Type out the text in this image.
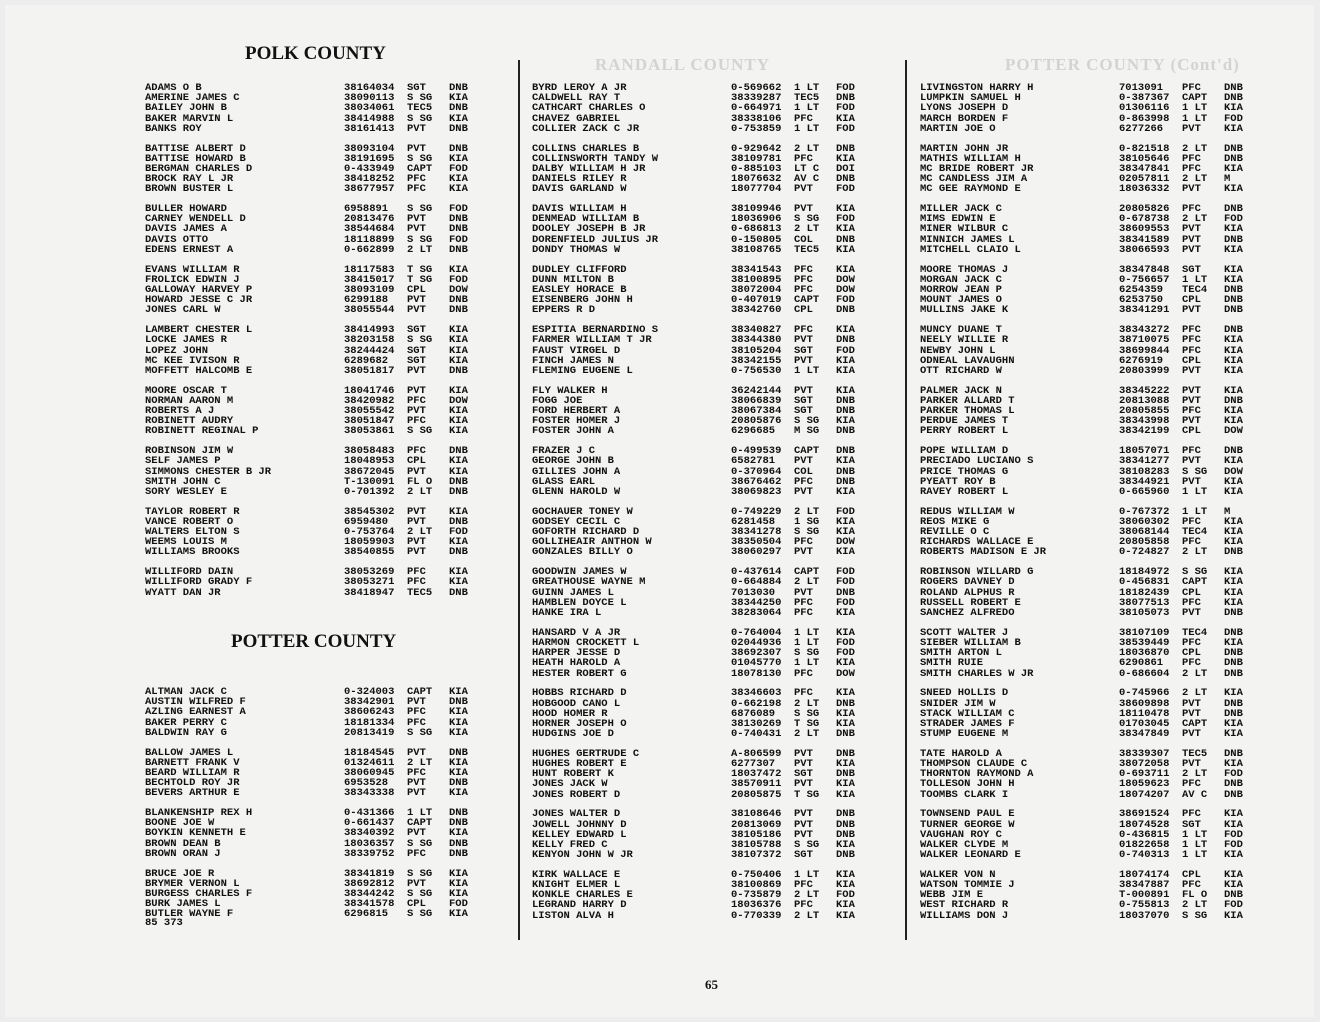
RANDALL COUNTY	POTTER COUNTY (Cont'd)
POLK COUNTY
POTTER COUNTY
ADAMS O B	38164034 SGT DNB
AMERINE JAMES C	38090113 S SG KIA
BAILEY JOHN B	38034061 TEC5 DNB
BAKER MARVIN L	38414988 S SG KIA
BANKS ROY	38161413 PVT DNB
BATTISE ALBERT D	38093104 PVT DNB
BATTISE HOWARD B	38191695 S SG KIA
BERGMAN CHARLES D	0-433949 CAPT FOD
BROCK RAY L JR	38418252 PFC KIA
BROWN BUSTER L	38677957 PFC KIA
BULLER HOWARD	6958891 S SG FOD
CARNEY WENDELL D	20813476 PVT DNB
DAVIS JAMES A	38544684 PVT DNB
DAVIS OTTO	18118899 S SG FOD
EDENS ERNEST A	0-662899 2 LT DNB
EVANS WILLIAM R	18117583 T SG KIA
FROLICK EDWIN J	38415017 T SG FOD
GALLOWAY HARVEY P	38093109 CPL DOW
HOWARD JESSE C JR	6299188 PVT DNB
JONES CARL W	38055544 PVT DNB
LAMBERT CHESTER L	38414993 SGT KIA
LOCKE JAMES R	38203158 S SG KIA
LOPEZ JOHN	38244424 SGT KIA
MC KEE IVISON R	6289682 SGT KIA
MOFFETT HALCOMB E	38051817 PVT DNB
MOORE OSCAR T	18041746 PVT KIA
NORMAN AARON M	38420982 PFC DOW
ROBERTS A J	38055542 PVT KIA
ROBINETT AUDRY	38051847 PFC KIA
ROBINETT REGINAL P	38053861 S SG KIA
ROBINSON JIM W	38058483 PFC DNB
SELF JAMES P	18048953 CPL KIA
SIMMONS CHESTER B JR	38672045 PVT KIA
SMITH JOHN C	T-130091 FL O DNB
SORY WESLEY E	0-701392 2 LT DNB
TAYLOR ROBERT R	38545302 PVT KIA
VANCE ROBERT O	6959480 PVT DNB
WALTERS ELTON S	0-753764 2 LT FOD
WEEMS LOUIS M	18059903 PVT KIA
WILLIAMS BROOKS	38540855 PVT DNB
WILLIFORD DAIN	38053269 PFC KIA
WILLIFORD GRADY F	38053271 PFC KIA
WYATT DAN JR	38418947 TEC5 DNB
ALTMAN JACK C	0-324003 CAPT KIA
AUSTIN WILFRED F	38342901 PVT DNB
AZLING EARNEST A	38606243 PFC KIA
BAKER PERRY C	18181334 PFC KIA
BALDWIN RAY G	20813419 S SG KIA
BALLOW JAMES L	18184545 PVT DNB
BARNETT FRANK V	01324611 2 LT KIA
BEARD WILLIAM R	38060945 PFC KIA
BECHTOLD ROY JR	6953528 PVT DNB
BEVERS ARTHUR E	38343338 PVT KIA
BLANKENSHIP REX H	0-431366 1 LT DNB
BOONE JOE W	0-661437 CAPT DNB
BOYKIN KENNETH E	38340392 PVT KIA
BROWN DEAN B	18036357 S SG DNB
BROWN ORAN J	38339752 PFC DNB
BRUCE JOE R	38341819 S SG KIA
BRYMER VERNON L	38692812 PVT KIA
BURGESS CHARLES F	38344242 S SG KIA
BURK JAMES L	38341578 CPL FOD
BUTLER WAYNE F	6296815 S SG KIA
BYRD LEROY A JR	0-569662 1 LT FOD
CALDWELL RAY T	38339287 TEC5 DNB
CATHCART CHARLES O	0-664971 1 LT FOD
CHAVEZ GABRIEL	38338106 PFC KIA
COLLIER ZACK C JR	0-753859 1 LT FOD
COLLINS CHARLES B	0-929642 2 LT DNB
COLLINSWORTH TANDY W	38109781 PFC KIA
DALBY WILLIAM H JR	0-885103 LT C DOI
DANIELS RILEY R	18076632 AV C DNB
DAVIS GARLAND W	18077704 PVT FOD
DAVIS WILLIAM H	38109946 PVT KIA
DENMEAD WILLIAM B	18036906 S SG FOD
DOOLEY JOSEPH B JR	0-686813 2 LT KIA
DORENFIELD JULIUS JR	0-150805 COL DNB
DONDY THOMAS W	38108765 TEC5 KIA
DUDLEY CLIFFORD	38341543 PFC KIA
DUNN MILTON B	38100895 PFC DOW
EASLEY HORACE B	38072004 PFC DOW
EISENBERG JOHN H	0-407019 CAPT FOD
EPPERS R D	38342760 CPL DNB
ESPITIA BERNARDINO S	38340827 PFC KIA
FARMER WILLIAM T JR	38344380 PVT DNB
FAUST VIRGEL D	38105204 SGT FOD
FINCH JAMES N	38342155 PVT KIA
FLEMING EUGENE L	0-756530 1 LT KIA
FLY WALKER H	36242144 PVT KIA
FOGG JOE	38066839 SGT DNB
FORD HERBERT A	38067384 SGT DNB
FOSTER HOMER J	20805876 S SG KIA
FOSTER JOHN A	6296685 M SG DNB
FRAZER J C	0-499539 CAPT DNB
GEORGE JOHN B	6582781 PVT KIA
GILLIES JOHN A	0-370964 COL DNB
GLASS EARL	38676462 PFC DNB
GLENN HAROLD W	38069823 PVT KIA
GOCHAUER TONEY W	0-749229 2 LT FOD
GODSEY CECIL C	6281458 1 SG KIA
GOFORTH RICHARD D	38341278 S SG KIA
GOLLIHEAIR ANTHON W	38350504 PFC DOW
GONZALES BILLY O	38060297 PVT KIA
GOODWIN JAMES W	0-437614 CAPT FOD
GREATHOUSE WAYNE M	0-664884 2 LT FOD
GUINN JAMES L	7013030 PVT DNB
HAMBLEN DOYCE L	38344250 PFC FOD
HANKE IRA L	38283064 PFC KIA
HANSARD V A JR	0-764004 1 LT KIA
HARMON CROCKETT L	02044936 1 LT FOD
HARPER JESSE D	38692307 S SG FOD
HEATH HAROLD A	01045770 1 LT KIA
HESTER ROBERT G	18078130 PFC DOW
HOBBS RICHARD D	38346603 PFC KIA
HOBGOOD CANO L	0-662198 2 LT DNB
HOOD HOMER R	6876089 S SG KIA
HORNER JOSEPH O	38130269 T SG KIA
HUDGINS JOE D	0-740431 2 LT DNB
HUGHES GERTRUDE C	A-806599 PVT DNB
HUGHES ROBERT E	6277307 PVT KIA
HUNT ROBERT K	18037472 SGT DNB
JONES JACK W	38570911 PVT KIA
JONES ROBERT D	20805875 T SG KIA
JONES WALTER D	38108646 PVT DNB
JOWELL JOHNNY D	20813069 PVT DNB
KELLEY EDWARD L	38105186 PVT DNB
KELLY FRED C	38105788 S SG KIA
KENYON JOHN W JR	38107372 SGT DNB
KIRK WALLACE E	0-750406 1 LT KIA
KNIGHT ELMER L	38100869 PFC KIA
KONKLE CHARLES E	0-735879 2 LT FOD
LEGRAND HARRY D	18036376 PFC KIA
LISTON ALVA H	0-770339 2 LT KIA
LIVINGSTON HARRY H	7013091 PFC DNB
LUMPKIN SAMUEL H	0-387367 CAPT DNB
LYONS JOSEPH D	01306116 1 LT KIA
MARCH BORDEN F	0-863998 1 LT FOD
MARTIN JOE O	6277266 PVT KIA
MARTIN JOHN JR	0-821518 2 LT DNB
MATHIS WILLIAM H	38105646 PFC DNB
MC BRIDE ROBERT JR	38347841 PFC KIA
MC CANDLESS JIM A	02057811 2 LT M
MC GEE RAYMOND E	18036332 PVT KIA
MILLER JACK C	20805826 PFC DNB
MIMS EDWIN E	0-678738 2 LT FOD
MINER WILBUR C	38609553 PVT KIA
MINNICH JAMES L	38341589 PVT DNB
MITCHELL CLAIO L	38066593 PVT KIA
MOORE THOMAS J	38347848 SGT KIA
MORGAN JACK C	0-756657 1 LT KIA
MORROW JEAN P	6254359 TEC4 DNB
MOUNT JAMES O	6253750 CPL DNB
MULLINS JAKE K	38341291 PVT DNB
MUNCY DUANE T	38343272 PFC DNB
NEELY WILLIE R	38710075 PFC KIA
NEWBY JOHN L	38699844 PFC KIA
ODNEAL LAVAUGHN	6276919 CPL KIA
OTT RICHARD W	20803999 PVT KIA
PALMER JACK N	38345222 PVT KIA
PARKER ALLARD T	20813088 PVT DNB
PARKER THOMAS L	20805855 PFC KIA
PERDUE JAMES T	38343998 PVT KIA
PERRY ROBERT L	38342199 CPL DOW
POPE WILLIAM D	18057071 PFC DNB
PRECIADO LUCIANO S	38341277 PVT KIA
PRICE THOMAS G	38108283 S SG DOW
PYEATT ROY B	38344921 PVT KIA
RAVEY ROBERT L	0-665960 1 LT KIA
REDUS WILLIAM W	0-767372 1 LT M
REOS MIKE G	38060302 PFC KIA
REVILLE O C	38068144 TEC4 KIA
RICHARDS WALLACE E	20805858 PFC KIA
ROBERTS MADISON E JR	0-724827 2 LT DNB
ROBINSON WILLARD G	18184972 S SG KIA
ROGERS DAVNEY D	0-456831 CAPT KIA
ROLAND ALPHUS R	18182439 CPL KIA
RUSSELL ROBERT E	38077513 PFC KIA
SANCHEZ ALFREDO	38105073 PVT DNB
SCOTT WALTER J	38107109 TEC4 DNB
SIEBER WILLIAM B	38539449 PFC KIA
SMITH ARTON L	18036870 CPL DNB
SMITH RUIE	6290861 PFC DNB
SMITH CHARLES W JR	0-686604 2 LT DNB
SNEED HOLLIS D	0-745966 2 LT KIA
SNIDER JIM W	38609898 PVT DNB
STACK WILLIAM C	18110478 PVT DNB
STRADER JAMES F	01703045 CAPT KIA
STUMP EUGENE M	38347849 PVT KIA
TATE HAROLD A	38339307 TEC5 DNB
THOMPSON CLAUDE C	38072058 PVT KIA
THORNTON RAYMOND A	0-693711 2 LT FOD
TOLLESON JOHN H	18059623 PFC DNB
TOOMBS CLARK I	18074207 AV C DNB
TOWNSEND PAUL E	38691524 PFC KIA
TURNER GEORGE W	18074528 SGT KIA
VAUGHAN ROY C	0-436815 1 LT FOD
WALKER CLYDE M	01822658 1 LT FOD
WALKER LEONARD E	0-740313 1 LT KIA
WALKER VON N	18074174 CPL KIA
WATSON TOMMIE J	38347887 PFC KIA
WEBB JIM E	T-000891 FL O DNB
WEST RICHARD R	0-755813 2 LT FOD
WILLIAMS DON J	18037070 S SG KIA
85 373
65
